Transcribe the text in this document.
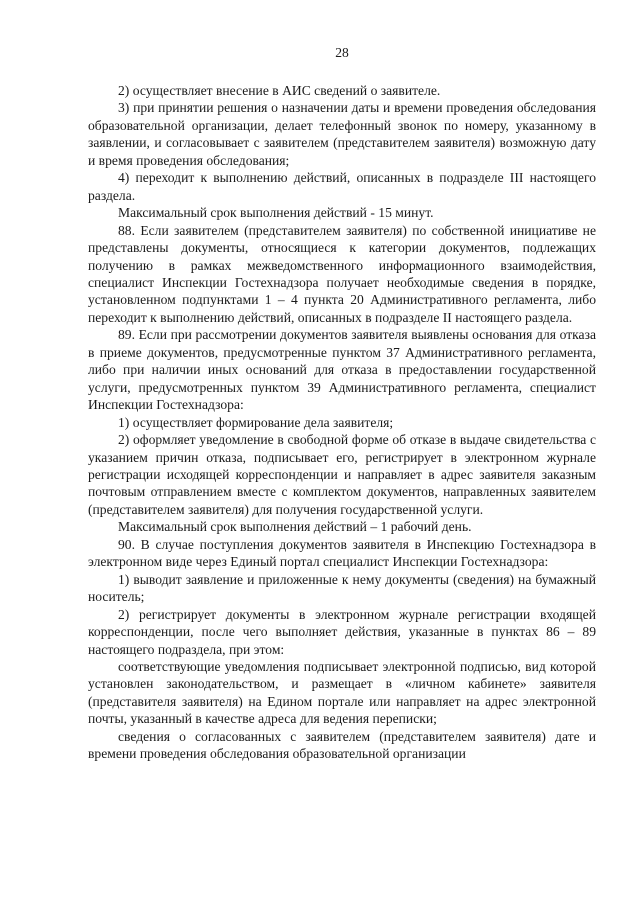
28

2) осуществляет внесение в АИС сведений о заявителе.

3) при принятии решения о назначении даты и времени проведения обследования образовательной организации, делает телефонный звонок по номеру, указанному в заявлении, и согласовывает с заявителем (представителем заявителя) возможную дату и время проведения обследования;

4) переходит к выполнению действий, описанных в подразделе III настоящего раздела.

Максимальный срок выполнения действий - 15 минут.

88. Если заявителем (представителем заявителя) по собственной инициативе не представлены документы, относящиеся к категории документов, подлежащих получению в рамках межведомственного информационного взаимодействия, специалист Инспекции Гостехнадзора получает необходимые сведения в порядке, установленном подпунктами 1 – 4 пункта 20 Административного регламента, либо переходит к выполнению действий, описанных в подразделе II настоящего раздела.

89. Если при рассмотрении документов заявителя выявлены основания для отказа в приеме документов, предусмотренные пунктом 37 Административного регламента, либо при наличии иных оснований для отказа в предоставлении государственной услуги, предусмотренных пунктом 39 Административного регламента, специалист Инспекции Гостехнадзора:

1) осуществляет формирование дела заявителя;

2) оформляет уведомление в свободной форме об отказе в выдаче свидетельства с указанием причин отказа, подписывает его, регистрирует в электронном журнале регистрации исходящей корреспонденции и направляет в адрес заявителя заказным почтовым отправлением вместе с комплектом документов, направленных заявителем (представителем заявителя) для получения государственной услуги.

Максимальный срок выполнения действий – 1 рабочий день.

90. В случае поступления документов заявителя в Инспекцию Гостехнадзора в электронном виде через Единый портал специалист Инспекции Гостехнадзора:

1) выводит заявление и приложенные к нему документы (сведения) на бумажный носитель;

2) регистрирует документы в электронном журнале регистрации входящей корреспонденции, после чего выполняет действия, указанные в пунктах 86 – 89 настоящего подраздела, при этом:

соответствующие уведомления подписывает электронной подписью, вид которой установлен законодательством, и размещает в «личном кабинете» заявителя (представителя заявителя) на Едином портале или направляет на адрес электронной почты, указанный в качестве адреса для ведения переписки;

сведения о согласованных с заявителем (представителем заявителя) дате и времени проведения обследования образовательной организации
